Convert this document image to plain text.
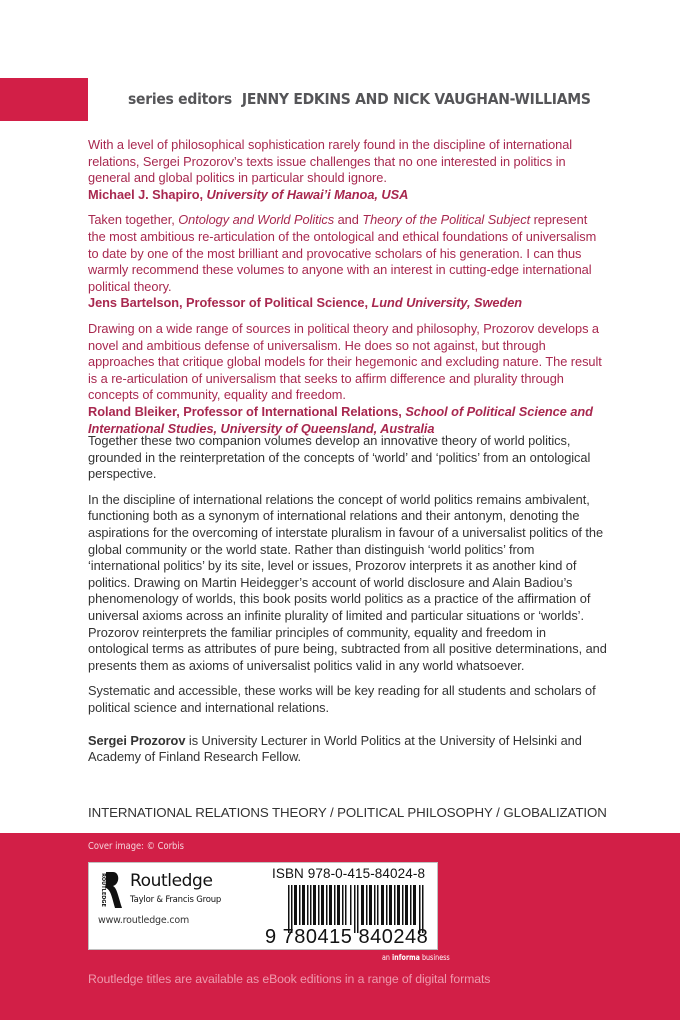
series editors JENNY EDKINS AND NICK VAUGHAN-WILLIAMS
With a level of philosophical sophistication rarely found in the discipline of international relations, Sergei Prozorov’s texts issue challenges that no one interested in politics in general and global politics in particular should ignore.
Michael J. Shapiro, University of Hawai’i Manoa, USA
Taken together, Ontology and World Politics and Theory of the Political Subject represent the most ambitious re-articulation of the ontological and ethical foundations of universalism to date by one of the most brilliant and provocative scholars of his generation. I can thus warmly recommend these volumes to anyone with an interest in cutting-edge international political theory.
Jens Bartelson, Professor of Political Science, Lund University, Sweden
Drawing on a wide range of sources in political theory and philosophy, Prozorov develops a novel and ambitious defense of universalism. He does so not against, but through approaches that critique global models for their hegemonic and excluding nature. The result is a re-articulation of universalism that seeks to affirm difference and plurality through concepts of community, equality and freedom.
Roland Bleiker, Professor of International Relations, School of Political Science and International Studies, University of Queensland, Australia

Together these two companion volumes develop an innovative theory of world politics, grounded in the reinterpretation of the concepts of ‘world’ and ‘politics’ from an ontological perspective.

In the discipline of international relations the concept of world politics remains ambivalent, functioning both as a synonym of international relations and their antonym, denoting the aspirations for the overcoming of interstate pluralism in favour of a universalist politics of the global community or the world state. Rather than distinguish ‘world politics’ from ‘international politics’ by its site, level or issues, Prozorov interprets it as another kind of politics. Drawing on Martin Heidegger’s account of world disclosure and Alain Badiou’s phenomenology of worlds, this book posits world politics as a practice of the affirmation of universal axioms across an infinite plurality of limited and particular situations or ‘worlds’. Prozorov reinterprets the familiar principles of community, equality and freedom in ontological terms as attributes of pure being, subtracted from all positive determinations, and presents them as axioms of universalist politics valid in any world whatsoever.

Systematic and accessible, these works will be key reading for all students and scholars of political science and international relations.

Sergei Prozorov is University Lecturer in World Politics at the University of Helsinki and Academy of Finland Research Fellow.

INTERNATIONAL RELATIONS THEORY / POLITICAL PHILOSOPHY / GLOBALIZATION
Cover image: © Corbis
ROUTLEDGE Routledge
Taylor & Francis Group
www.routledge.com
ISBN 978-0-415-84024-8
9 780415 840248
an informa business
Routledge titles are available as eBook editions in a range of digital formats
